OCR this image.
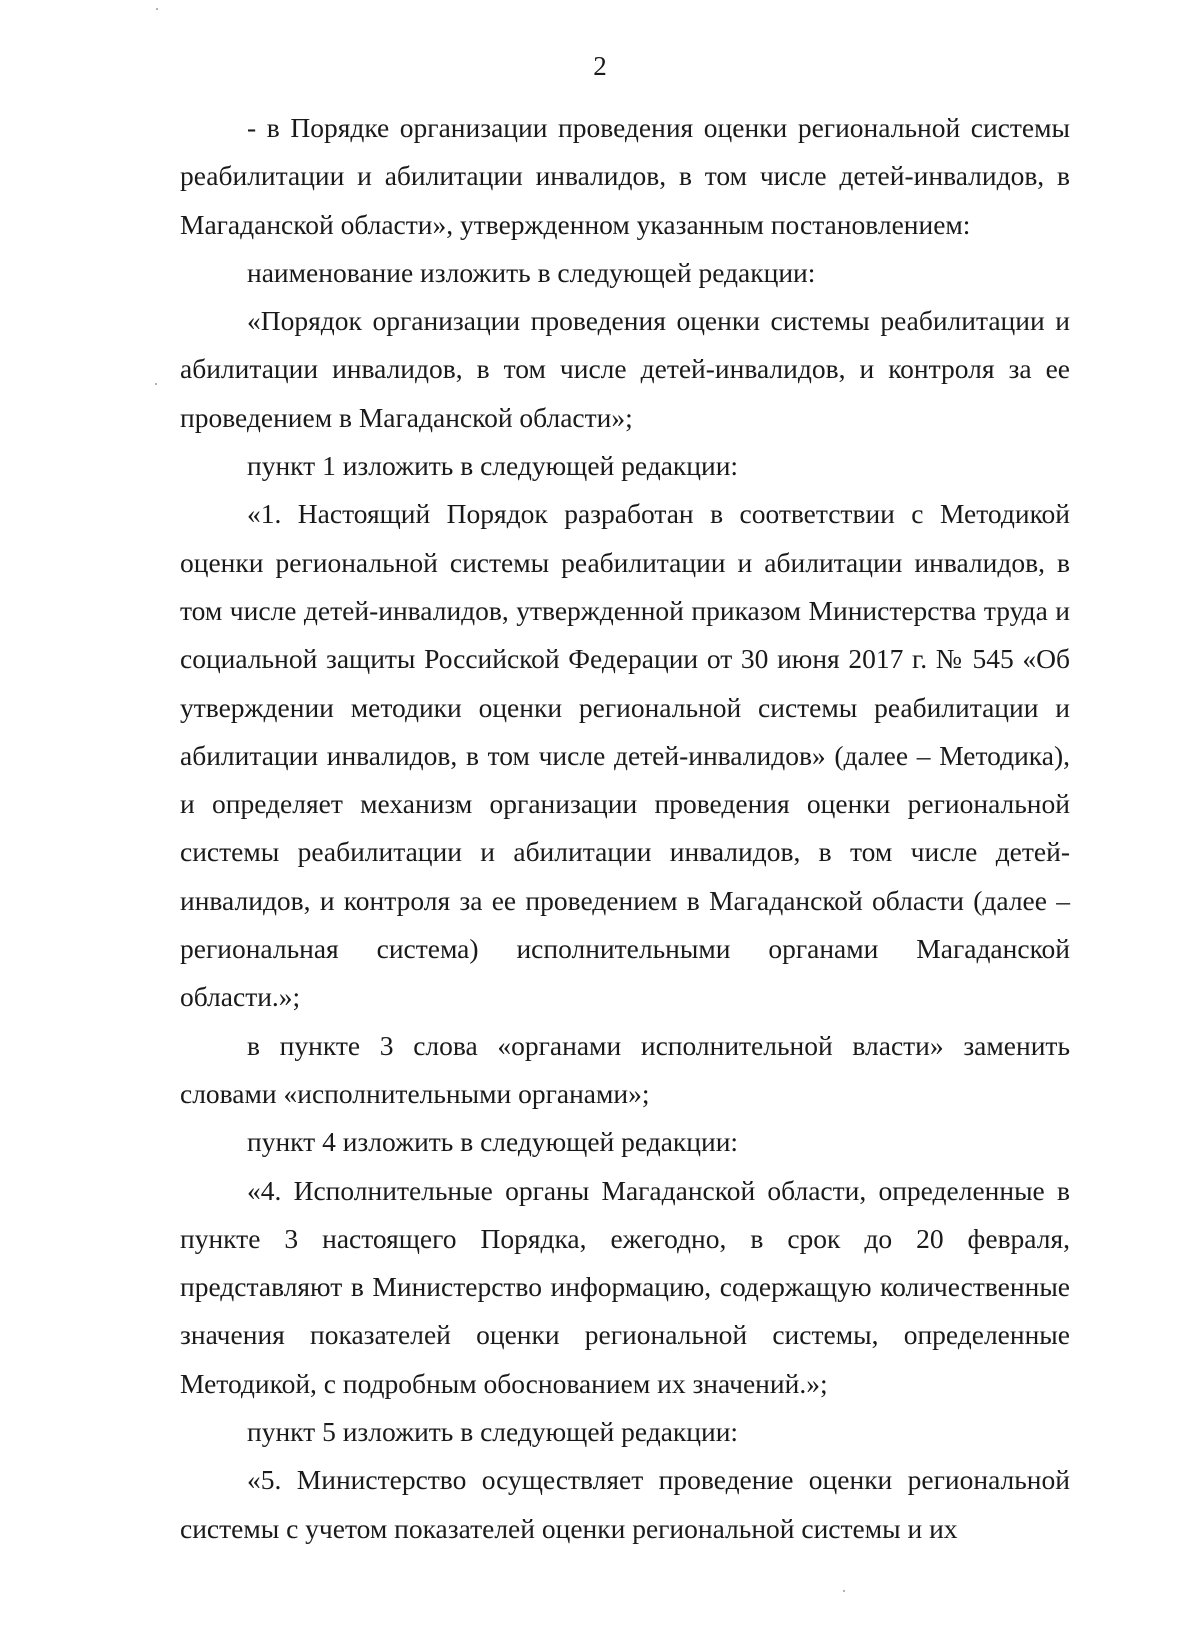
2

- в Порядке организации проведения оценки региональной системы реабилитации и абилитации инвалидов, в том числе детей-инвалидов, в Магаданской области», утвержденном указанным постановлением:

наименование изложить в следующей редакции:

«Порядок организации проведения оценки системы реабилитации и абилитации инвалидов, в том числе детей-инвалидов, и контроля за ее проведением в Магаданской области»;

пункт 1 изложить в следующей редакции:

«1. Настоящий Порядок разработан в соответствии с Методикой оценки региональной системы реабилитации и абилитации инвалидов, в том числе детей-инвалидов, утвержденной приказом Министерства труда и социальной защиты Российской Федерации от 30 июня 2017 г. № 545 «Об утверждении методики оценки региональной системы реабилитации и абилитации инвалидов, в том числе детей-инвалидов» (далее – Методика), и определяет механизм организации проведения оценки региональной системы реабилитации и абилитации инвалидов, в том числе детей-инвалидов, и контроля за ее проведением в Магаданской области (далее – региональная система) исполнительными органами Магаданской области.»;

в пункте 3 слова «органами исполнительной власти» заменить словами «исполнительными органами»;

пункт 4 изложить в следующей редакции:

«4. Исполнительные органы Магаданской области, определенные в пункте 3 настоящего Порядка, ежегодно, в срок до 20 февраля, представляют в Министерство информацию, содержащую количественные значения показателей оценки региональной системы, определенные Методикой, с подробным обоснованием их значений.»;

пункт 5 изложить в следующей редакции:

«5. Министерство осуществляет проведение оценки региональной системы с учетом показателей оценки региональной системы и их
